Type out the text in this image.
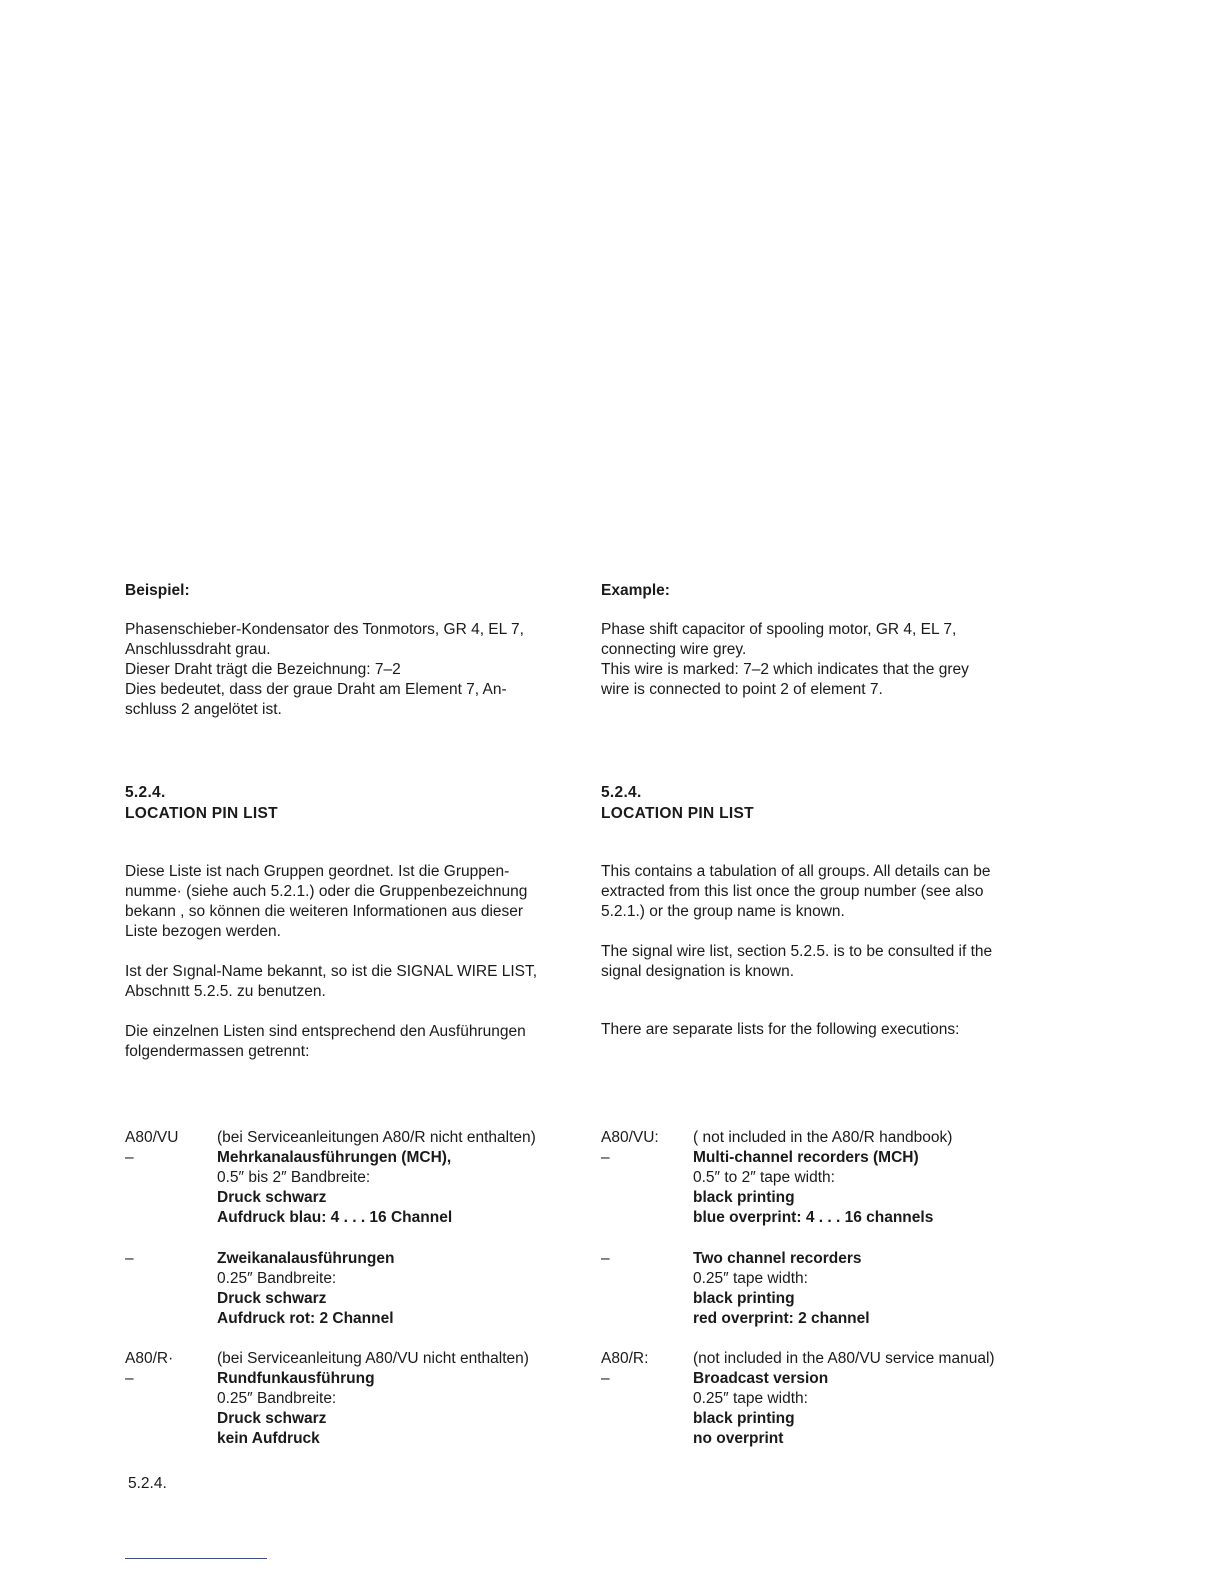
Beispiel:
Phasenschieber-Kondensator des Tonmotors, GR 4, EL 7,
Anschlussdraht grau.
Dieser Draht trägt die Bezeichnung: 7–2
Dies bedeutet, dass der graue Draht am Element 7, An-
schluss 2 angelötet ist.
Example:
Phase shift capacitor of spooling motor, GR 4, EL 7,
connecting wire grey.
This wire is marked: 7–2 which indicates that the grey
wire is connected to point 2 of element 7.
5.2.4.
LOCATION PIN LIST
5.2.4.
LOCATION PIN LIST
Diese Liste ist nach Gruppen geordnet. Ist die Gruppen-
numme· (siehe auch 5.2.1.) oder die Gruppenbezeichnung
bekann , so können die weiteren Informationen aus dieser
Liste bezogen werden.
Ist der Sıgnal-Name bekannt, so ist die SIGNAL WIRE LIST,
Abschnıtt 5.2.5. zu benutzen.
Die einzelnen Listen sind entsprechend den Ausführungen
folgendermassen getrennt:
This contains a tabulation of all groups. All details can be
extracted from this list once the group number (see also
5.2.1.) or the group name is known.
The signal wire list, section 5.2.5. is to be consulted if the
signal designation is known.
There are separate lists for the following executions:
A80/VU
–
(bei Serviceanleitungen A80/R nicht enthalten)
Mehrkanalausführungen (MCH),
0.5″ bis 2″ Bandbreite:
Druck schwarz
Aufdruck blau: 4 . . . 16 Channel
–	Zweikanalausführungen
0.25″ Bandbreite:
Druck schwarz
Aufdruck rot: 2 Channel
A80/R·
–
(bei Serviceanleitung A80/VU nicht enthalten)
Rundfunkausführung
0.25″ Bandbreite:
Druck schwarz
kein Aufdruck
A80/VU:
–
( not included in the A80/R handbook)
Multi-channel recorders (MCH)
0.5″ to 2″ tape width:
black printing
blue overprint: 4 . . . 16 channels
–	Two channel recorders
0.25″ tape width:
black printing
red overprint: 2 channel
A80/R:
–
(not included in the A80/VU service manual)
Broadcast version
0.25″ tape width:
black printing
no overprint
5.2.4.
